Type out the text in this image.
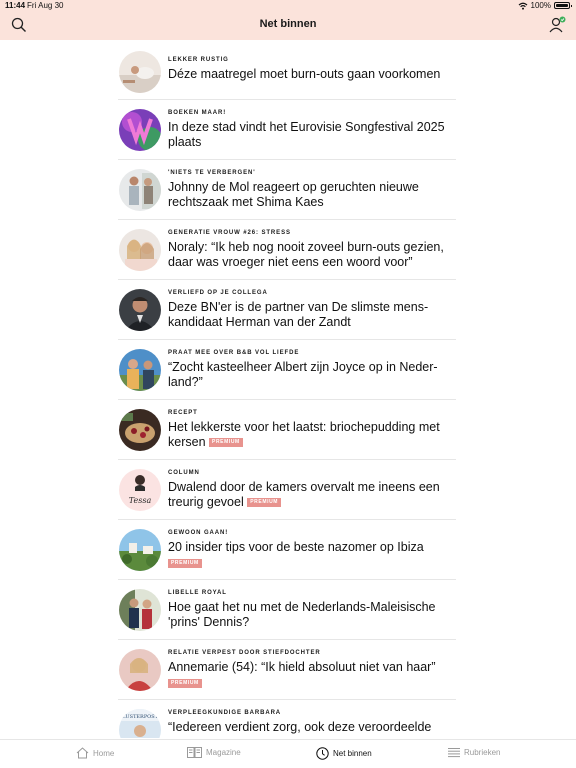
11:44 Fri Aug 30	100%
Net binnen
LEKKER RUSTIG
Déze maatregel moet burn-outs gaan voorkomen
BOEKEN MAAR!
In deze stad vindt het Eurovisie Songfestival 2025 plaats
'NIETS TE VERBERGEN'
Johnny de Mol reageert op geruchten nieuwe rechtszaak met Shima Kaes
GENERATIE VROUW #26: STRESS
Noraly: “Ik heb nog nooit zoveel burn-outs gezien, daar was vroeger niet eens een woord voor”
VERLIEFD OP JE COLLEGA
Deze BN'er is de partner van De slimste mens-kandidaat Herman van der Zandt
PRAAT MEE OVER B&B VOL LIEFDE
“Zocht kasteelheer Albert zijn Joyce op in Neder-land?”
RECEPT
Het lekkerste voor het laatst: briochepudding met kersen PREMIUM
Tessa
COLUMN
Dwalend door de kamers overvalt me ineens een treurig gevoel PREMIUM
GEWOON GAAN!
20 insider tips voor de beste nazomer op Ibiza
PREMIUM
LIBELLE ROYAL
Hoe gaat het nu met de Nederlands-Maleisische 'prins' Dennis?
RELATIE VERPEST DOOR STIEFDOCHTER
Annemarie (54): “Ik hield absoluut niet van haar”
PREMIUM
ZUSTERPOST
VERPLEEGKUNDIGE BARBARA
“Iedereen verdient zorg, ook deze veroordeelde
Home	Magazine	Net binnen	Rubrieken
